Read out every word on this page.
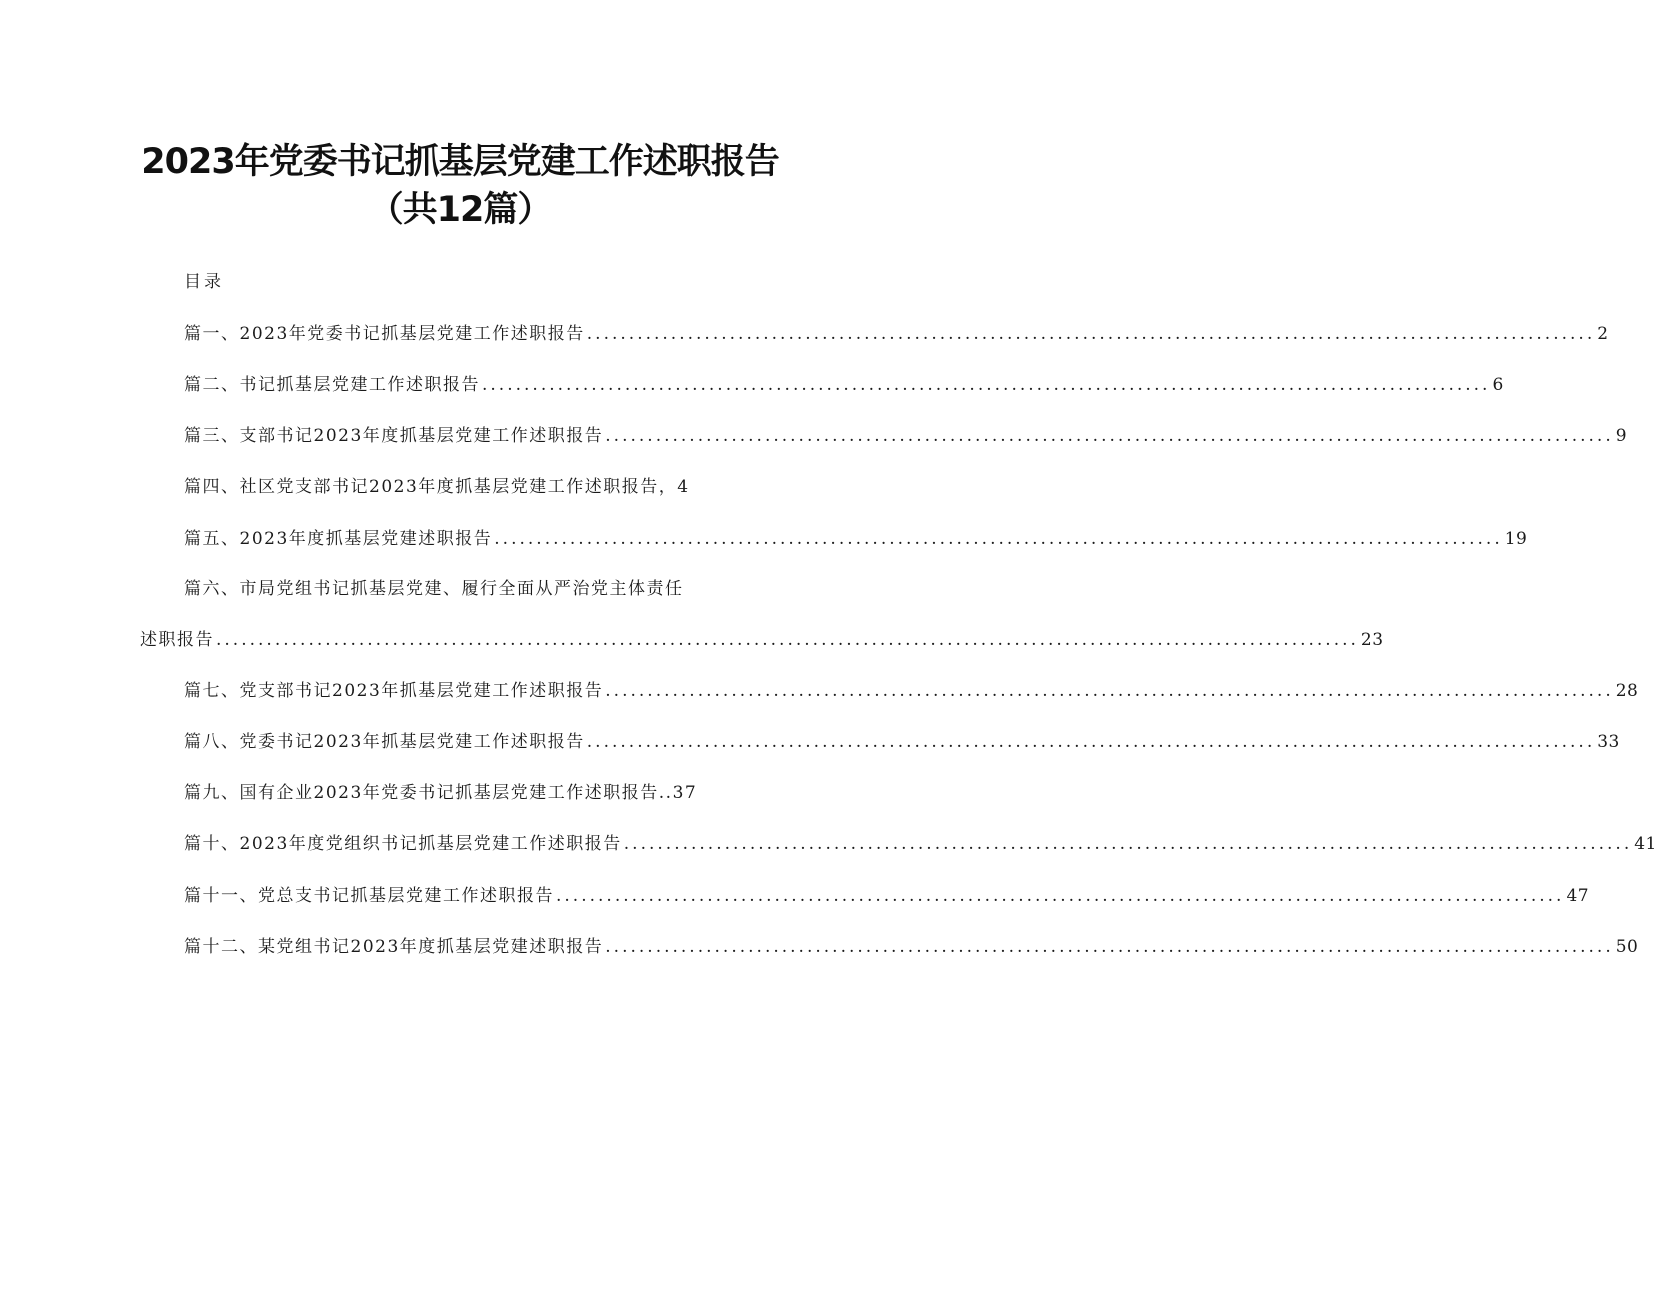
2023年党委书记抓基层党建工作述职报告
（共12篇）
目录
篇一、2023年党委书记抓基层党建工作述职报告 ........................................................................................................................ 2
篇二、书记抓基层党建工作述职报告 ........................................................................................................................ 6
篇三、支部书记2023年度抓基层党建工作述职报告 ........................................................................................................................ 9
篇四、社区党支部书记2023年度抓基层党建工作述职报告，4
篇五、2023年度抓基层党建述职报告 ........................................................................................................................ 19
篇六、市局党组书记抓基层党建、履行全面从严治党主体责任
述职报告 ........................................................................................................................................ 23
篇七、党支部书记2023年抓基层党建工作述职报告 ........................................................................................................................ 28
篇八、党委书记2023年抓基层党建工作述职报告 ........................................................................................................................ 33
篇九、国有企业2023年党委书记抓基层党建工作述职报告..37
篇十、2023年度党组织书记抓基层党建工作述职报告 ........................................................................................................................ 41
篇十一、党总支书记抓基层党建工作述职报告 ........................................................................................................................ 47
篇十二、某党组书记2023年度抓基层党建述职报告 ........................................................................................................................ 50
